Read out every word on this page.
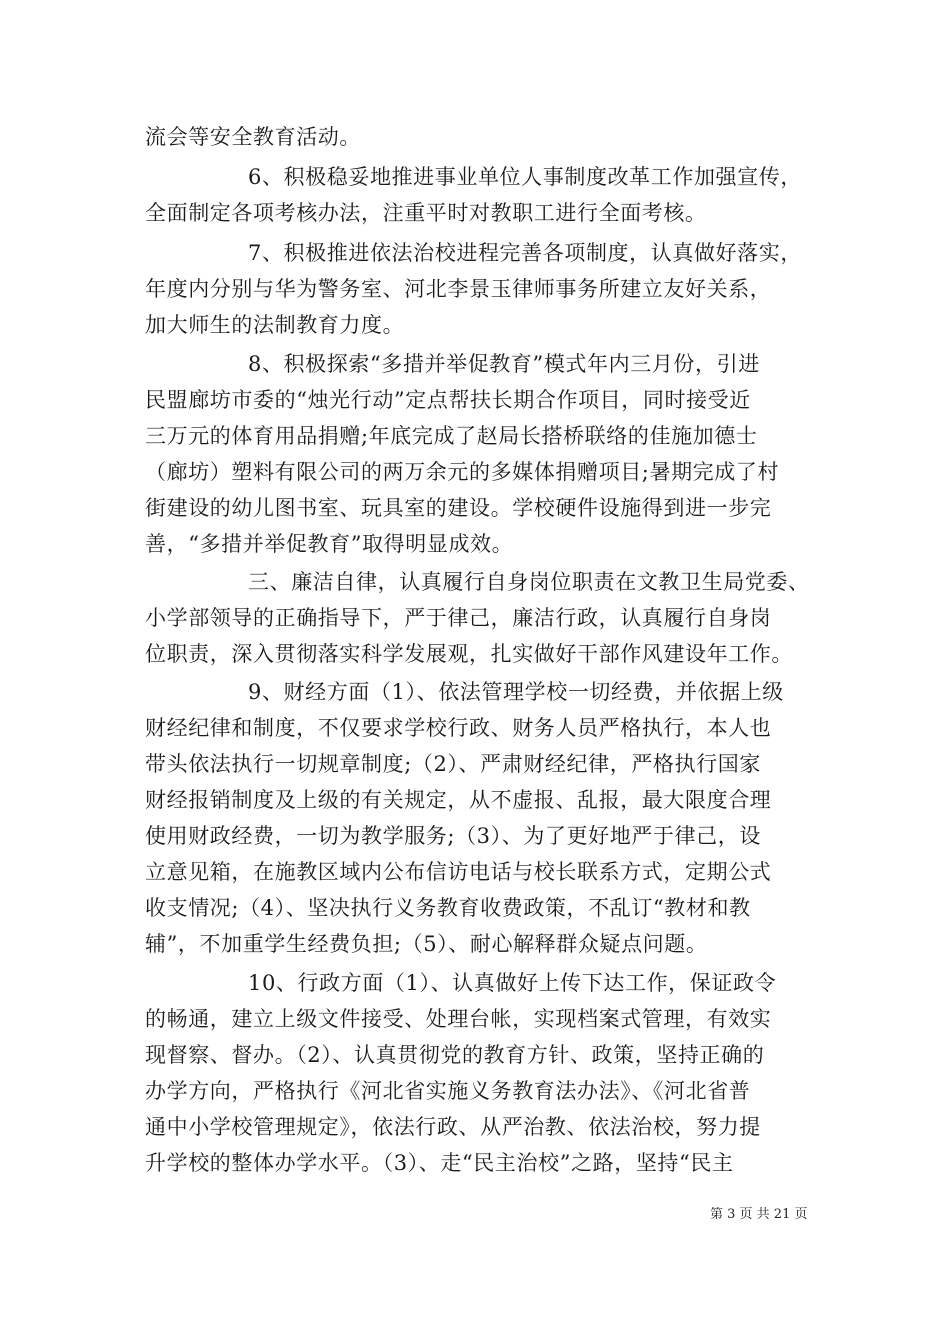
流会等安全教育活动。
6、积极稳妥地推进事业单位人事制度改革工作加强宣传，
全面制定各项考核办法，注重平时对教职工进行全面考核。
7、积极推进依法治校进程完善各项制度，认真做好落实，
年度内分别与华为警务室、河北李景玉律师事务所建立友好关系，
加大师生的法制教育力度。
8、积极探索“多措并举促教育”模式年内三月份，引进
民盟廊坊市委的“烛光行动”定点帮扶长期合作项目，同时接受近
三万元的体育用品捐赠;年底完成了赵局长搭桥联络的佳施加德士
（廊坊）塑料有限公司的两万余元的多媒体捐赠项目;暑期完成了村
街建设的幼儿图书室、玩具室的建设。学校硬件设施得到进一步完
善，“多措并举促教育”取得明显成效。
三、廉洁自律，认真履行自身岗位职责在文教卫生局党委、
小学部领导的正确指导下，严于律己，廉洁行政，认真履行自身岗
位职责，深入贯彻落实科学发展观，扎实做好干部作风建设年工作。
9、财经方面（1）、依法管理学校一切经费，并依据上级
财经纪律和制度，不仅要求学校行政、财务人员严格执行，本人也
带头依法执行一切规章制度;（2）、严肃财经纪律，严格执行国家
财经报销制度及上级的有关规定，从不虚报、乱报，最大限度合理
使用财政经费，一切为教学服务;（3）、为了更好地严于律己，设
立意见箱，在施教区域内公布信访电话与校长联系方式，定期公式
收支情况;（4）、坚决执行义务教育收费政策，不乱订“教材和教
辅”，不加重学生经费负担;（5）、耐心解释群众疑点问题。
10、行政方面（1）、认真做好上传下达工作，保证政令
的畅通，建立上级文件接受、处理台帐，实现档案式管理，有效实
现督察、督办。（2）、认真贯彻党的教育方针、政策，坚持正确的
办学方向，严格执行《河北省实施义务教育法办法》、《河北省普
通中小学校管理规定》，依法行政、从严治教、依法治校，努力提
升学校的整体办学水平。（3）、走“民主治校”之路，坚持“民主
第 3 页 共 21 页
